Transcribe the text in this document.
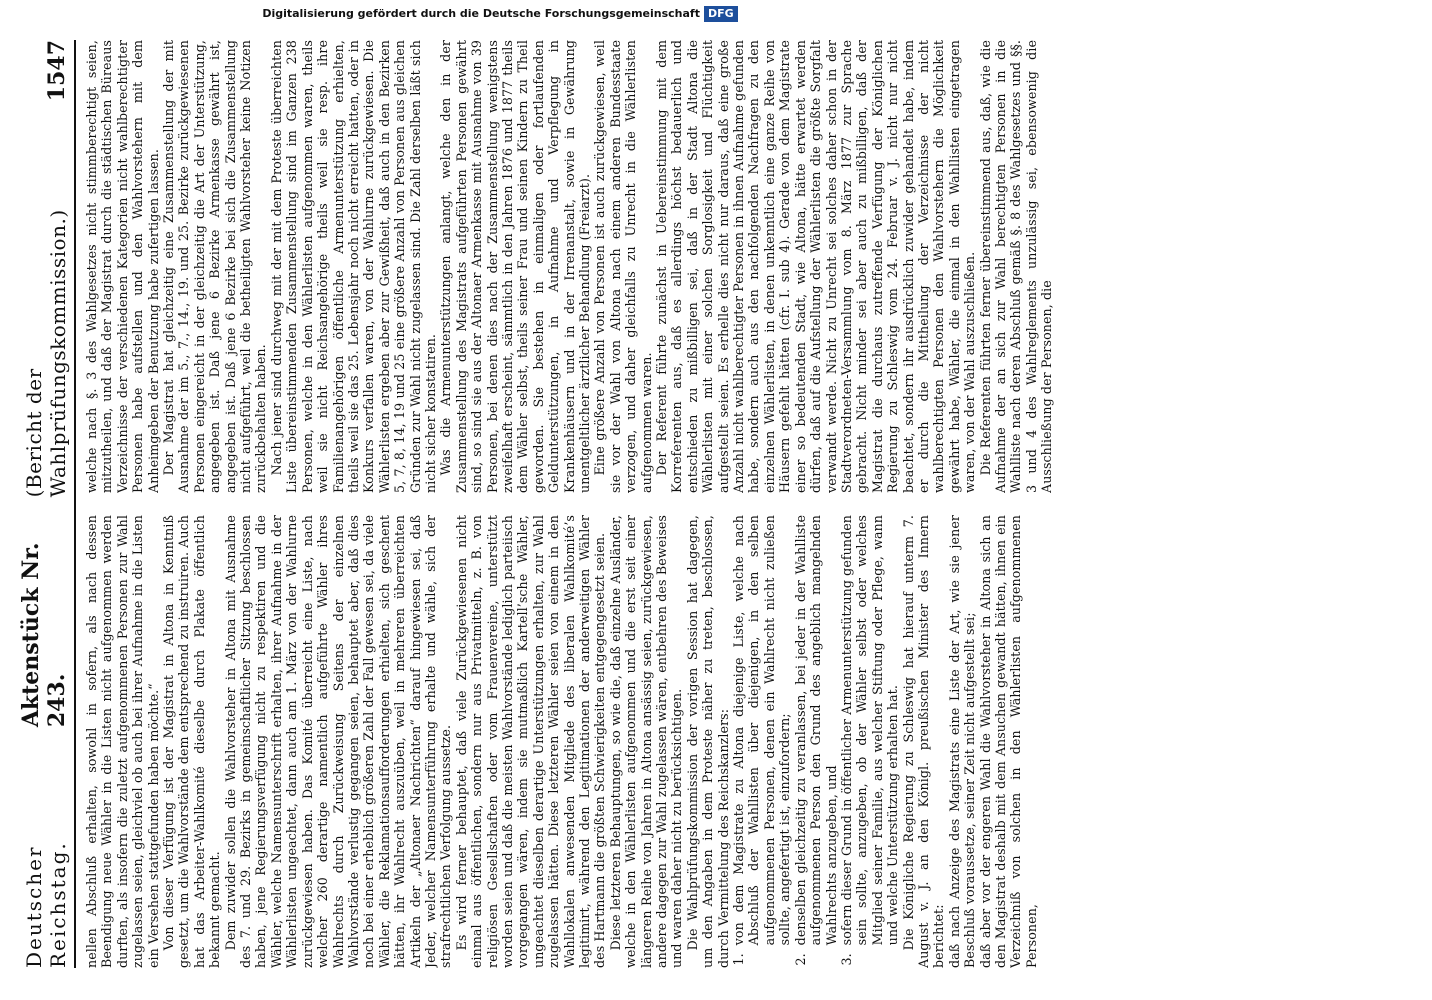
Deutscher Reichstag.
Aktenstück Nr. 243.
(Bericht der Wahlprüfungskommission.)
1547

nellen Abschluß erhalten, sowohl in sofern, als nach dessen Beendigung neue Wähler in die Listen nicht aufgenommen werden durften, als insofern die zuletzt aufgenommenen Personen zur Wahl zugelassen seien, gleichviel ob auch bei ihrer Aufnahme in die Listen ein Versehen stattgefunden haben möchte.“ Von dieser Verfügung ist der Magistrat in Altona in Kenntniß gesetzt, um die Wahlvorstände dem entsprechend zu instruiren. Auch hat das Arbeiter-Wahlkomité dieselbe durch Plakate öffentlich bekannt gemacht. Dem zuwider sollen die Wahlvorsteher in Altona mit Ausnahme des 7. und 29. Bezirks in gemeinschaftlicher Sitzung beschlossen haben, jene Regierungsverfügung nicht zu respektiren und die Wähler, welche Namensunterschrift erhalten, ihrer Aufnahme in der Wählerlisten ungeachtet, dann auch am 1. März von der Wahlurne zurückgewiesen haben. Das Komité überreicht eine Liste, nach welcher 260 derartige namentlich aufgeführte Wähler ihres Wahlrechts durch Zurückweisung Seitens der einzelnen Wahlvorstände verlustig gegangen seien, behauptet aber, daß dies noch bei einer erheblich größeren Zahl der Fall gewesen sei, da viele Wähler, die Reklamationsaufforderungen erhielten, sich geschent hätten, ihr Wahlrecht auszuüben, weil in mehreren überreichten Artikeln der „Altonaer Nachrichten“ darauf hingewiesen sei, daß Jeder, welcher Namensunterführung erhalte und wähle, sich der strafrechtlichen Verfolgung aussetze. Es wird ferner behauptet, daß viele Zurückgewiesenen nicht einmal aus öffentlichen, sondern nur aus Privatmitteln, z. B. von religiösen Gesellschaften oder vom Frauenvereine, unterstützt worden seien und daß die meisten Wahlvorstände lediglich parteiisch vorgegangen wären, indem sie mutmaßlich Kartell’sche Wähler, ungeachtet dieselben derartige Unterstützungen erhalten, zur Wahl zugelassen hätten. Diese letzteren Wähler seien von einem in den Wahllokalen anwesenden Mitgliede des liberalen Wahlkomité’s legitimirt, während den Legitimationen der anderweitigen Wähler des Hartmann die größten Schwierigkeiten entgegengesetzt seien. Diese letzteren Behauptungen, so wie die, daß einzelne Ausländer, welche in den Wählerlisten aufgenommen und die erst seit einer längeren Reihe von Jahren in Altona ansässig seien, zurückgewiesen, andere dagegen zur Wahl zugelassen wären, entbehren des Beweises und waren daher nicht zu berücksichtigen. Die Wahlprüfungskommission der vorigen Session hat dagegen, um den Angaben in dem Proteste näher zu treten, beschlossen, durch Vermittelung des Reichskanzlers: 1.
von dem Magistrate zu Altona diejenige Liste, welche nach Abschluß der Wahllisten über diejenigen, in den selben aufgenommenen Personen, denen ein Wahlrecht nicht zuließen sollte, angefertigt ist, einzufordern;

2.
denselben gleichzeitig zu veranlassen, bei jeder in der Wahlliste aufgenommenen Person den Grund des angeblich mangelnden Wahlrechts anzugeben, und

3.
sofern dieser Grund in öffentlicher Armenunterstützung gefunden sein sollte, anzugeben, ob der Wähler selbst oder welches Mitglied seiner Familie, aus welcher Stiftung oder Pflege, wann und welche Unterstützung erhalten hat. Die Königliche Regierung zu Schleswig hat hierauf unterm 7. August v. J. an den Königl. preußischen Minister des Innern berichtet: daß nach Anzeige des Magistrats eine Liste der Art, wie sie jener Beschluß voraussetze, seiner Zeit nicht aufgestellt sei; daß aber vor der engeren Wahl die Wahlvorsteher in Altona sich an den Magistrat deshalb mit dem Ansuchen gewandt hätten, ihnen ein Verzeichniß von solchen in den Wählerlisten aufgenommenen Personen,

welche nach §. 3 des Wahlgesetzes nicht stimmberechtigt seien, mitzutheilen, und daß der Magistrat durch die städtischen Büreaus Verzeichnisse der verschiedenen Kategorien nicht wahlberechtigter Personen habe aufstellen und den Wahlvorstehern mit dem Anheimgeben der Benutzung habe zufertigen lassen. Der Magistrat hat gleichzeitig eine Zusammenstellung der mit Ausnahme der im 5., 7., 14., 19. und 25. Bezirke zurückgewiesenen Personen eingereicht in der gleichzeitig die Art der Unterstützung, angegeben ist. Daß jene 6 Bezirke Armenkasse gewährt ist, angegeben ist. Daß jene 6 Bezirke bei sich die Zusammenstellung nicht aufgeführt, weil die betheiligten Wahlvorsteher keine Notizen zurückbehalten haben. Nach jener sind durchweg mit der mit dem Proteste überreichten Liste übereinstimmenden Zusammenstellung sind im Ganzen 238 Personen, welche in den Wählerlisten aufgenommen waren, theils weil sie nicht Reichsangehörige theils weil sie resp. ihre Familienangehörigen öffentliche Armenunterstützung erhielten, theils weil sie das 25. Lebensjahr noch nicht erreicht hatten, oder in Konkurs verfallen waren, von der Wahlurne zurückgewiesen. Die Wählerlisten ergeben aber zur Gewißheit, daß auch in den Bezirken 5, 7, 8, 14, 19 und 25 eine größere Anzahl von Personen aus gleichen Gründen zur Wahl nicht zugelassen sind. Die Zahl derselben läßt sich nicht sicher konstatiren. Was die Armenunterstützungen anlangt, welche den in der Zusammenstellung des Magistrats aufgeführten Personen gewährt sind, so sind sie aus der Altonaer Armenkasse mit Ausnahme von 39 Personen, bei denen dies nach der Zusammenstellung wenigstens zweifelhaft erscheint, sämmtlich in den Jahren 1876 und 1877 theils dem Wähler selbst, theils seiner Frau und seinen Kindern zu Theil geworden. Sie bestehen in einmaligen oder fortlaufenden Geldunterstützungen, in Aufnahme und Verpflegung in Krankenhäusern und in der Irrenanstalt, sowie in Gewährung unentgeltlicher ärztlicher Behandlung (Freiarzt). Eine größere Anzahl von Personen ist auch zurückgewiesen, weil sie vor der Wahl von Altona nach einem anderen Bundesstaate verzogen, und daher gleichfalls zu Unrecht in die Wählerlisten aufgenommen waren. Der Referent führte zunächst in Uebereinstimmung mit dem Korreferenten aus, daß es allerdings höchst bedauerlich und entschieden zu mißbilligen sei, daß in der Stadt Altona die Wählerlisten mit einer solchen Sorglosigkeit und Flüchtigkeit aufgestellt seien. Es erhelle dies nicht nur daraus, daß eine große Anzahl nicht wahlberechtigter Personen in ihnen Aufnahme gefunden habe, sondern auch aus den nachfolgenden Nachfragen zu den einzelnen Wählerlisten, in denen unkenntlich eine ganze Reihe von Häusern gefehlt hätten (cfr. I. sub 4). Gerade von dem Magistrate einer so bedeutenden Stadt, wie Altona, hätte erwartet werden dürfen, daß auf die Aufstellung der Wählerlisten die größte Sorgfalt verwandt werde. Nicht zu Unrecht sei solches daher schon in der Stadtverordneten-Versammlung vom 8. März 1877 zur Sprache gebracht. Nicht minder sei aber auch zu mißbilligen, daß der Magistrat die durchaus zutreffende Verfügung der Königlichen Regierung zu Schleswig vom 24. Februar v. J. nicht nur nicht beachtet, sondern ihr ausdrücklich zuwider gehandelt habe, indem er durch die Mittheilung der Verzeichnisse der nicht wahlberechtigten Personen den Wahlvorstehern die Möglichkeit gewährt habe, Wähler, die einmal in den Wahllisten eingetragen waren, von der Wahl auszuschließen. Die Referenten führten ferner übereinstimmend aus, daß, wie die Aufnahme der an sich zur Wahl berechtigten Personen in die Wahlliste nach deren Abschluß gemäß §. 8 des Wahlgesetzes und §§. 3 und 4 des Wahlreglements unzulässig sei, ebensowenig die Ausschließung der Personen, die

Digitalisierung gefördert durch die Deutsche Forschungsgemeinschaft DFG
